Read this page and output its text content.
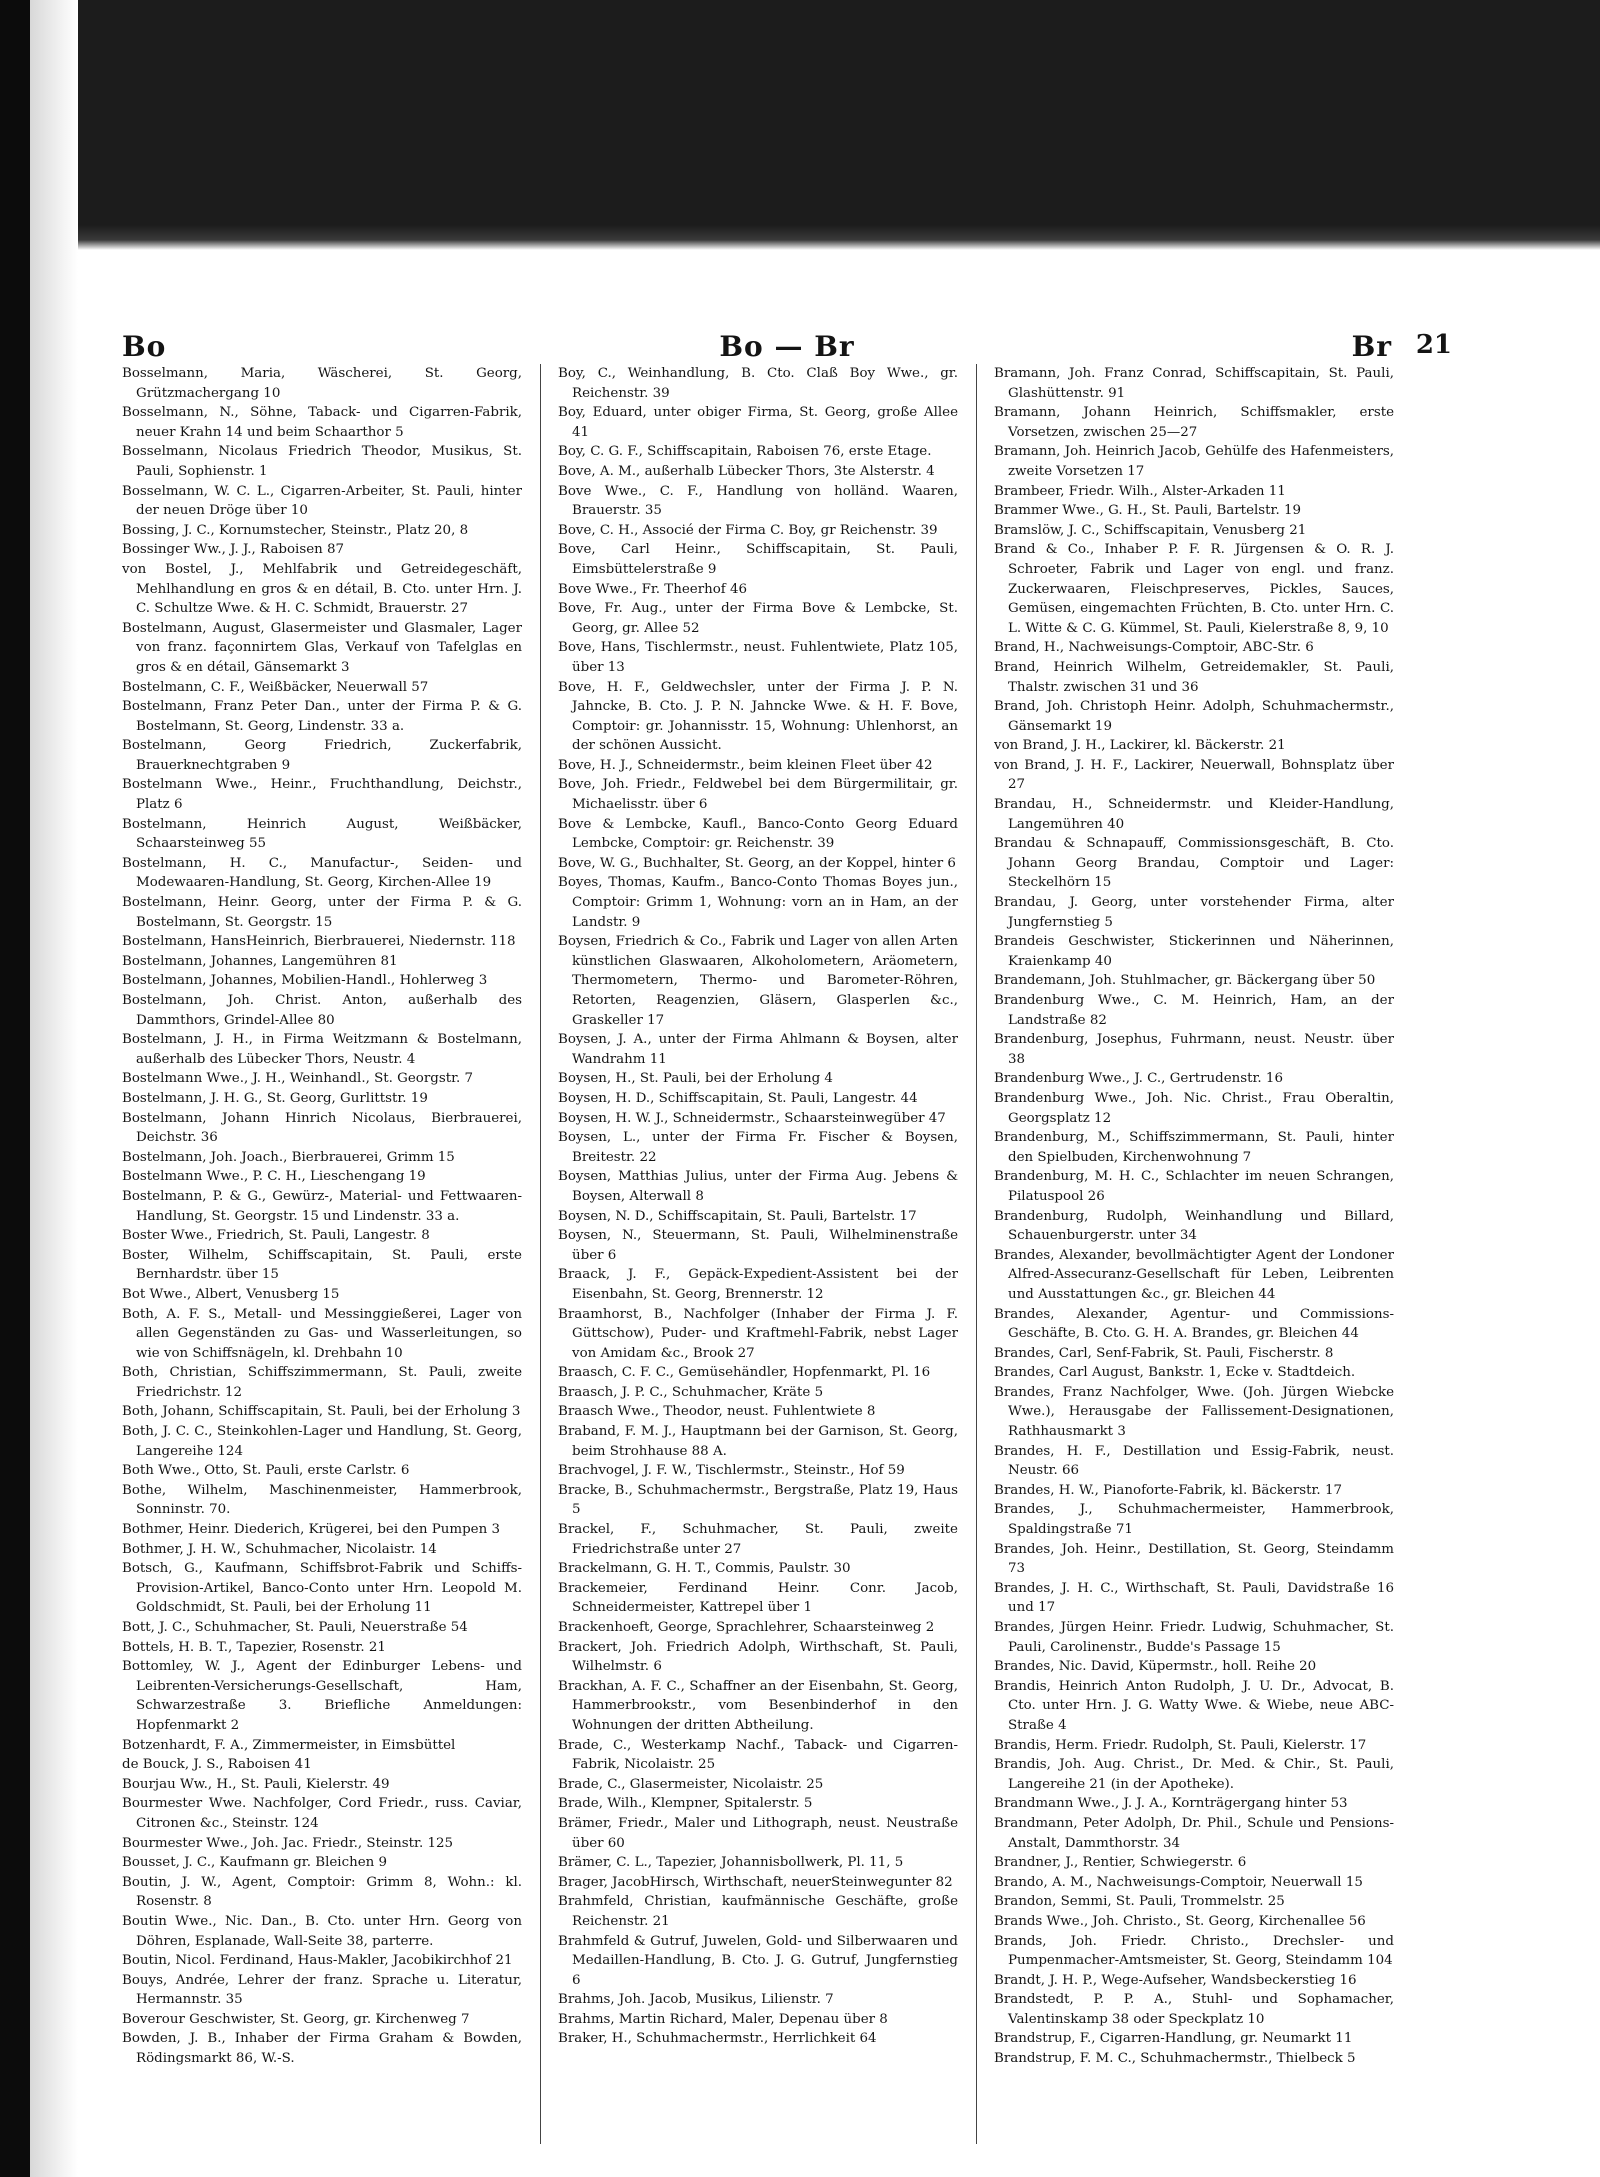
Bo	Bo — Br	Br 21

Bosselmann, Maria, Wäscherei, St. Georg, Grützmachergang 10

Bosselmann, N., Söhne, Taback- und Cigarren-Fabrik, neuer Krahn 14 und beim Schaarthor 5

Bosselmann, Nicolaus Friedrich Theodor, Musikus, St. Pauli, Sophienstr. 1

Bosselmann, W. C. L., Cigarren-Arbeiter, St. Pauli, hinter der neuen Dröge über 10

Bossing, J. C., Kornumstecher, Steinstr., Platz 20, 8

Bossinger Ww., J. J., Raboisen 87

von Bostel, J., Mehlfabrik und Getreidegeschäft, Mehlhandlung en gros & en détail, B. Cto. unter Hrn. J. C. Schultze Wwe. & H. C. Schmidt, Brauerstr. 27

Bostelmann, August, Glasermeister und Glasmaler, Lager von franz. façonnirtem Glas, Verkauf von Tafelglas en gros & en détail, Gänsemarkt 3

Bostelmann, C. F., Weißbäcker, Neuerwall 57

Bostelmann, Franz Peter Dan., unter der Firma P. & G. Bostelmann, St. Georg, Lindenstr. 33 a.

Bostelmann, Georg Friedrich, Zuckerfabrik, Brauerknechtgraben 9

Bostelmann Wwe., Heinr., Fruchthandlung, Deichstr., Platz 6

Bostelmann, Heinrich August, Weißbäcker, Schaarsteinweg 55

Bostelmann, H. C., Manufactur-, Seiden- und Modewaaren-Handlung, St. Georg, Kirchen-Allee 19

Bostelmann, Heinr. Georg, unter der Firma P. & G. Bostelmann, St. Georgstr. 15

Bostelmann, HansHeinrich, Bierbrauerei, Niedernstr. 118

Bostelmann, Johannes, Langemühren 81

Bostelmann, Johannes, Mobilien-Handl., Hohlerweg 3

Bostelmann, Joh. Christ. Anton, außerhalb des Dammthors, Grindel-Allee 80

Bostelmann, J. H., in Firma Weitzmann & Bostelmann, außerhalb des Lübecker Thors, Neustr. 4

Bostelmann Wwe., J. H., Weinhandl., St. Georgstr. 7

Bostelmann, J. H. G., St. Georg, Gurlittstr. 19

Bostelmann, Johann Hinrich Nicolaus, Bierbrauerei, Deichstr. 36

Bostelmann, Joh. Joach., Bierbrauerei, Grimm 15

Bostelmann Wwe., P. C. H., Lieschengang 19

Bostelmann, P. & G., Gewürz-, Material- und Fettwaaren-Handlung, St. Georgstr. 15 und Lindenstr. 33 a.

Boster Wwe., Friedrich, St. Pauli, Langestr. 8

Boster, Wilhelm, Schiffscapitain, St. Pauli, erste Bernhardstr. über 15

Bot Wwe., Albert, Venusberg 15

Both, A. F. S., Metall- und Messinggießerei, Lager von allen Gegenständen zu Gas- und Wasserleitungen, so wie von Schiffsnägeln, kl. Drehbahn 10

Both, Christian, Schiffszimmermann, St. Pauli, zweite Friedrichstr. 12

Both, Johann, Schiffscapitain, St. Pauli, bei der Erholung 3

Both, J. C. C., Steinkohlen-Lager und Handlung, St. Georg, Langereihe 124

Both Wwe., Otto, St. Pauli, erste Carlstr. 6

Bothe, Wilhelm, Maschinenmeister, Hammerbrook, Sonninstr. 70.

Bothmer, Heinr. Diederich, Krügerei, bei den Pumpen 3

Bothmer, J. H. W., Schuhmacher, Nicolaistr. 14

Botsch, G., Kaufmann, Schiffsbrot-Fabrik und Schiffs-Provision-Artikel, Banco-Conto unter Hrn. Leopold M. Goldschmidt, St. Pauli, bei der Erholung 11

Bott, J. C., Schuhmacher, St. Pauli, Neuerstraße 54

Bottels, H. B. T., Tapezier, Rosenstr. 21

Bottomley, W. J., Agent der Edinburger Lebens- und Leibrenten-Versicherungs-Gesellschaft, Ham, Schwarzestraße 3. Briefliche Anmeldungen: Hopfenmarkt 2

Botzenhardt, F. A., Zimmermeister, in Eimsbüttel

de Bouck, J. S., Raboisen 41

Bourjau Ww., H., St. Pauli, Kielerstr. 49

Bourmester Wwe. Nachfolger, Cord Friedr., russ. Caviar, Citronen &c., Steinstr. 124

Bourmester Wwe., Joh. Jac. Friedr., Steinstr. 125

Bousset, J. C., Kaufmann gr. Bleichen 9

Boutin, J. W., Agent, Comptoir: Grimm 8, Wohn.: kl. Rosenstr. 8

Boutin Wwe., Nic. Dan., B. Cto. unter Hrn. Georg von Döhren, Esplanade, Wall-Seite 38, parterre.

Boutin, Nicol. Ferdinand, Haus-Makler, Jacobikirchhof 21

Bouys, Andrée, Lehrer der franz. Sprache u. Literatur, Hermannstr. 35

Boverour Geschwister, St. Georg, gr. Kirchenweg 7

Bowden, J. B., Inhaber der Firma Graham & Bowden, Rödingsmarkt 86, W.-S.

Boy, C., Weinhandlung, B. Cto. Claß Boy Wwe., gr. Reichenstr. 39

Boy, Eduard, unter obiger Firma, St. Georg, große Allee 41

Boy, C. G. F., Schiffscapitain, Raboisen 76, erste Etage.

Bove, A. M., außerhalb Lübecker Thors, 3te Alsterstr. 4

Bove Wwe., C. F., Handlung von holländ. Waaren, Brauerstr. 35

Bove, C. H., Associé der Firma C. Boy, gr Reichenstr. 39

Bove, Carl Heinr., Schiffscapitain, St. Pauli, Eimsbüttelerstraße 9

Bove Wwe., Fr. Theerhof 46

Bove, Fr. Aug., unter der Firma Bove & Lembcke, St. Georg, gr. Allee 52

Bove, Hans, Tischlermstr., neust. Fuhlentwiete, Platz 105, über 13

Bove, H. F., Geldwechsler, unter der Firma J. P. N. Jahncke, B. Cto. J. P. N. Jahncke Wwe. & H. F. Bove, Comptoir: gr. Johannisstr. 15, Wohnung: Uhlenhorst, an der schönen Aussicht.

Bove, H. J., Schneidermstr., beim kleinen Fleet über 42

Bove, Joh. Friedr., Feldwebel bei dem Bürgermilitair, gr. Michaelisstr. über 6

Bove & Lembcke, Kaufl., Banco-Conto Georg Eduard Lembcke, Comptoir: gr. Reichenstr. 39

Bove, W. G., Buchhalter, St. Georg, an der Koppel, hinter 6

Boyes, Thomas, Kaufm., Banco-Conto Thomas Boyes jun., Comptoir: Grimm 1, Wohnung: vorn an in Ham, an der Landstr. 9

Boysen, Friedrich & Co., Fabrik und Lager von allen Arten künstlichen Glaswaaren, Alkoholometern, Aräometern, Thermometern, Thermo- und Barometer-Röhren, Retorten, Reagenzien, Gläsern, Glasperlen &c., Graskeller 17

Boysen, J. A., unter der Firma Ahlmann & Boysen, alter Wandrahm 11

Boysen, H., St. Pauli, bei der Erholung 4

Boysen, H. D., Schiffscapitain, St. Pauli, Langestr. 44

Boysen, H. W. J., Schneidermstr., Schaarsteinwegüber 47

Boysen, L., unter der Firma Fr. Fischer & Boysen, Breitestr. 22

Boysen, Matthias Julius, unter der Firma Aug. Jebens & Boysen, Alterwall 8

Boysen, N. D., Schiffscapitain, St. Pauli, Bartelstr. 17

Boysen, N., Steuermann, St. Pauli, Wilhelminenstraße über 6

Braack, J. F., Gepäck-Expedient-Assistent bei der Eisenbahn, St. Georg, Brennerstr. 12

Braamhorst, B., Nachfolger (Inhaber der Firma J. F. Güttschow), Puder- und Kraftmehl-Fabrik, nebst Lager von Amidam &c., Brook 27

Braasch, C. F. C., Gemüsehändler, Hopfenmarkt, Pl. 16

Braasch, J. P. C., Schuhmacher, Kräte 5

Braasch Wwe., Theodor, neust. Fuhlentwiete 8

Braband, F. M. J., Hauptmann bei der Garnison, St. Georg, beim Strohhause 88 A.

Brachvogel, J. F. W., Tischlermstr., Steinstr., Hof 59

Bracke, B., Schuhmachermstr., Bergstraße, Platz 19, Haus 5

Brackel, F., Schuhmacher, St. Pauli, zweite Friedrichstraße unter 27

Brackelmann, G. H. T., Commis, Paulstr. 30

Brackemeier, Ferdinand Heinr. Conr. Jacob, Schneidermeister, Kattrepel über 1

Brackenhoeft, George, Sprachlehrer, Schaarsteinweg 2

Brackert, Joh. Friedrich Adolph, Wirthschaft, St. Pauli, Wilhelmstr. 6

Brackhan, A. F. C., Schaffner an der Eisenbahn, St. Georg, Hammerbrookstr., vom Besenbinderhof in den Wohnungen der dritten Abtheilung.

Brade, C., Westerkamp Nachf., Taback- und Cigarren-Fabrik, Nicolaistr. 25

Brade, C., Glasermeister, Nicolaistr. 25

Brade, Wilh., Klempner, Spitalerstr. 5

Brämer, Friedr., Maler und Lithograph, neust. Neustraße über 60

Brämer, C. L., Tapezier, Johannisbollwerk, Pl. 11, 5

Brager, JacobHirsch, Wirthschaft, neuerSteinwegunter 82

Brahmfeld, Christian, kaufmännische Geschäfte, große Reichenstr. 21

Brahmfeld & Gutruf, Juwelen, Gold- und Silberwaaren und Medaillen-Handlung, B. Cto. J. G. Gutruf, Jungfernstieg 6

Brahms, Joh. Jacob, Musikus, Lilienstr. 7

Brahms, Martin Richard, Maler, Depenau über 8

Braker, H., Schuhmachermstr., Herrlichkeit 64

Bramann, Joh. Franz Conrad, Schiffscapitain, St. Pauli, Glashüttenstr. 91

Bramann, Johann Heinrich, Schiffsmakler, erste Vorsetzen, zwischen 25—27

Bramann, Joh. Heinrich Jacob, Gehülfe des Hafenmeisters, zweite Vorsetzen 17

Brambeer, Friedr. Wilh., Alster-Arkaden 11

Brammer Wwe., G. H., St. Pauli, Bartelstr. 19

Bramslöw, J. C., Schiffscapitain, Venusberg 21

Brand & Co., Inhaber P. F. R. Jürgensen & O. R. J. Schroeter, Fabrik und Lager von engl. und franz. Zuckerwaaren, Fleischpreserves, Pickles, Sauces, Gemüsen, eingemachten Früchten, B. Cto. unter Hrn. C. L. Witte & C. G. Kümmel, St. Pauli, Kielerstraße 8, 9, 10

Brand, H., Nachweisungs-Comptoir, ABC-Str. 6

Brand, Heinrich Wilhelm, Getreidemakler, St. Pauli, Thalstr. zwischen 31 und 36

Brand, Joh. Christoph Heinr. Adolph, Schuhmachermstr., Gänsemarkt 19

von Brand, J. H., Lackirer, kl. Bäckerstr. 21

von Brand, J. H. F., Lackirer, Neuerwall, Bohnsplatz über 27

Brandau, H., Schneidermstr. und Kleider-Handlung, Langemühren 40

Brandau & Schnapauff, Commissionsgeschäft, B. Cto. Johann Georg Brandau, Comptoir und Lager: Steckelhörn 15

Brandau, J. Georg, unter vorstehender Firma, alter Jungfernstieg 5

Brandeis Geschwister, Stickerinnen und Näherinnen, Kraienkamp 40

Brandemann, Joh. Stuhlmacher, gr. Bäckergang über 50

Brandenburg Wwe., C. M. Heinrich, Ham, an der Landstraße 82

Brandenburg, Josephus, Fuhrmann, neust. Neustr. über 38

Brandenburg Wwe., J. C., Gertrudenstr. 16

Brandenburg Wwe., Joh. Nic. Christ., Frau Oberaltin, Georgsplatz 12

Brandenburg, M., Schiffszimmermann, St. Pauli, hinter den Spielbuden, Kirchenwohnung 7

Brandenburg, M. H. C., Schlachter im neuen Schrangen, Pilatuspool 26

Brandenburg, Rudolph, Weinhandlung und Billard, Schauenburgerstr. unter 34

Brandes, Alexander, bevollmächtigter Agent der Londoner Alfred-Assecuranz-Gesellschaft für Leben, Leibrenten und Ausstattungen &c., gr. Bleichen 44

Brandes, Alexander, Agentur- und Commissions-Geschäfte, B. Cto. G. H. A. Brandes, gr. Bleichen 44

Brandes, Carl, Senf-Fabrik, St. Pauli, Fischerstr. 8

Brandes, Carl August, Bankstr. 1, Ecke v. Stadtdeich.

Brandes, Franz Nachfolger, Wwe. (Joh. Jürgen Wiebcke Wwe.), Herausgabe der Fallissement-Designationen, Rathhausmarkt 3

Brandes, H. F., Destillation und Essig-Fabrik, neust. Neustr. 66

Brandes, H. W., Pianoforte-Fabrik, kl. Bäckerstr. 17

Brandes, J., Schuhmachermeister, Hammerbrook, Spaldingstraße 71

Brandes, Joh. Heinr., Destillation, St. Georg, Steindamm 73

Brandes, J. H. C., Wirthschaft, St. Pauli, Davidstraße 16 und 17

Brandes, Jürgen Heinr. Friedr. Ludwig, Schuhmacher, St. Pauli, Carolinenstr., Budde's Passage 15

Brandes, Nic. David, Küpermstr., holl. Reihe 20

Brandis, Heinrich Anton Rudolph, J. U. Dr., Advocat, B. Cto. unter Hrn. J. G. Watty Wwe. & Wiebe, neue ABC-Straße 4

Brandis, Herm. Friedr. Rudolph, St. Pauli, Kielerstr. 17

Brandis, Joh. Aug. Christ., Dr. Med. & Chir., St. Pauli, Langereihe 21 (in der Apotheke).

Brandmann Wwe., J. J. A., Kornträgergang hinter 53

Brandmann, Peter Adolph, Dr. Phil., Schule und Pensions-Anstalt, Dammthorstr. 34

Brandner, J., Rentier, Schwiegerstr. 6

Brando, A. M., Nachweisungs-Comptoir, Neuerwall 15

Brandon, Semmi, St. Pauli, Trommelstr. 25

Brands Wwe., Joh. Christo., St. Georg, Kirchenallee 56

Brands, Joh. Friedr. Christo., Drechsler- und Pumpenmacher-Amtsmeister, St. Georg, Steindamm 104

Brandt, J. H. P., Wege-Aufseher, Wandsbeckerstieg 16

Brandstedt, P. P. A., Stuhl- und Sophamacher, Valentinskamp 38 oder Speckplatz 10

Brandstrup, F., Cigarren-Handlung, gr. Neumarkt 11

Brandstrup, F. M. C., Schuhmachermstr., Thielbeck 5
